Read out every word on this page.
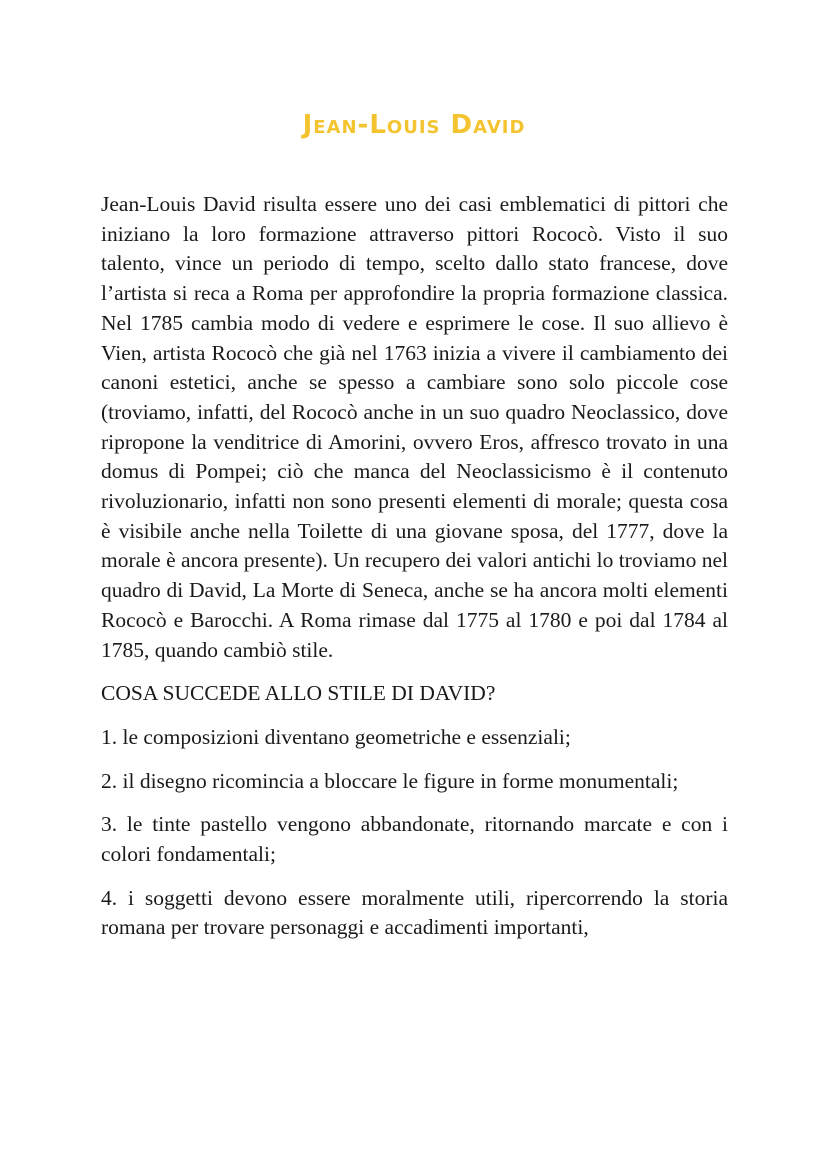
Jean-Louis David

Jean-Louis David risulta essere uno dei casi emblematici di pittori che iniziano la loro formazione attraverso pittori Rococò. Visto il suo talento, vince un periodo di tempo, scelto dallo stato francese, dove l’artista si reca a Roma per approfondire la propria formazione classica. Nel 1785 cambia modo di vedere e esprimere le cose. Il suo allievo è Vien, artista Rococò che già nel 1763 inizia a vivere il cambiamento dei canoni estetici, anche se spesso a cambiare sono solo piccole cose (troviamo, infatti, del Rococò anche in un suo quadro Neoclassico, dove ripropone la venditrice di Amorini, ovvero Eros, affresco trovato in una domus di Pompei; ciò che manca del Neoclassicismo è il contenuto rivoluzionario, infatti non sono presenti elementi di morale; questa cosa è visibile anche nella Toilette di una giovane sposa, del 1777, dove la morale è ancora presente). Un recupero dei valori antichi lo troviamo nel quadro di David, La Morte di Seneca, anche se ha ancora molti elementi Rococò e Barocchi. A Roma rimase dal 1775 al 1780 e poi dal 1784 al 1785, quando cambiò stile.

COSA SUCCEDE ALLO STILE DI DAVID?

1. le composizioni diventano geometriche e essenziali;

2. il disegno ricomincia a bloccare le figure in forme monumentali;

3. le tinte pastello vengono abbandonate, ritornando marcate e con i colori fondamentali;

4. i soggetti devono essere moralmente utili, ripercorrendo la storia romana per trovare personaggi e accadimenti importanti,
